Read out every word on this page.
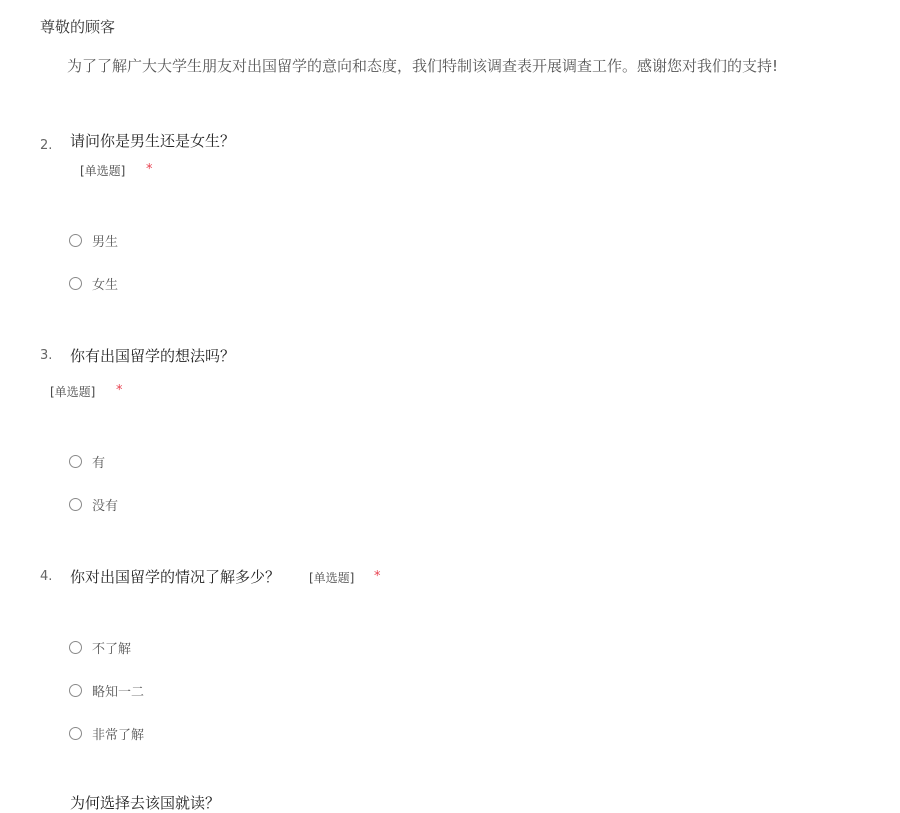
尊敬的顾客
为了了解广大大学生朋友对出国留学的意向和态度，我们特制该调查表开展调查工作。感谢您对我们的支持!
2. 请问你是男生还是女生？
[单选题] *
男生
女生
3. 你有出国留学的想法吗？
[单选题] *
有
没有
4. 你对出国留学的情况了解多少？ [单选题] *
不了解
略知一二
非常了解
为何选择去该国就读？
